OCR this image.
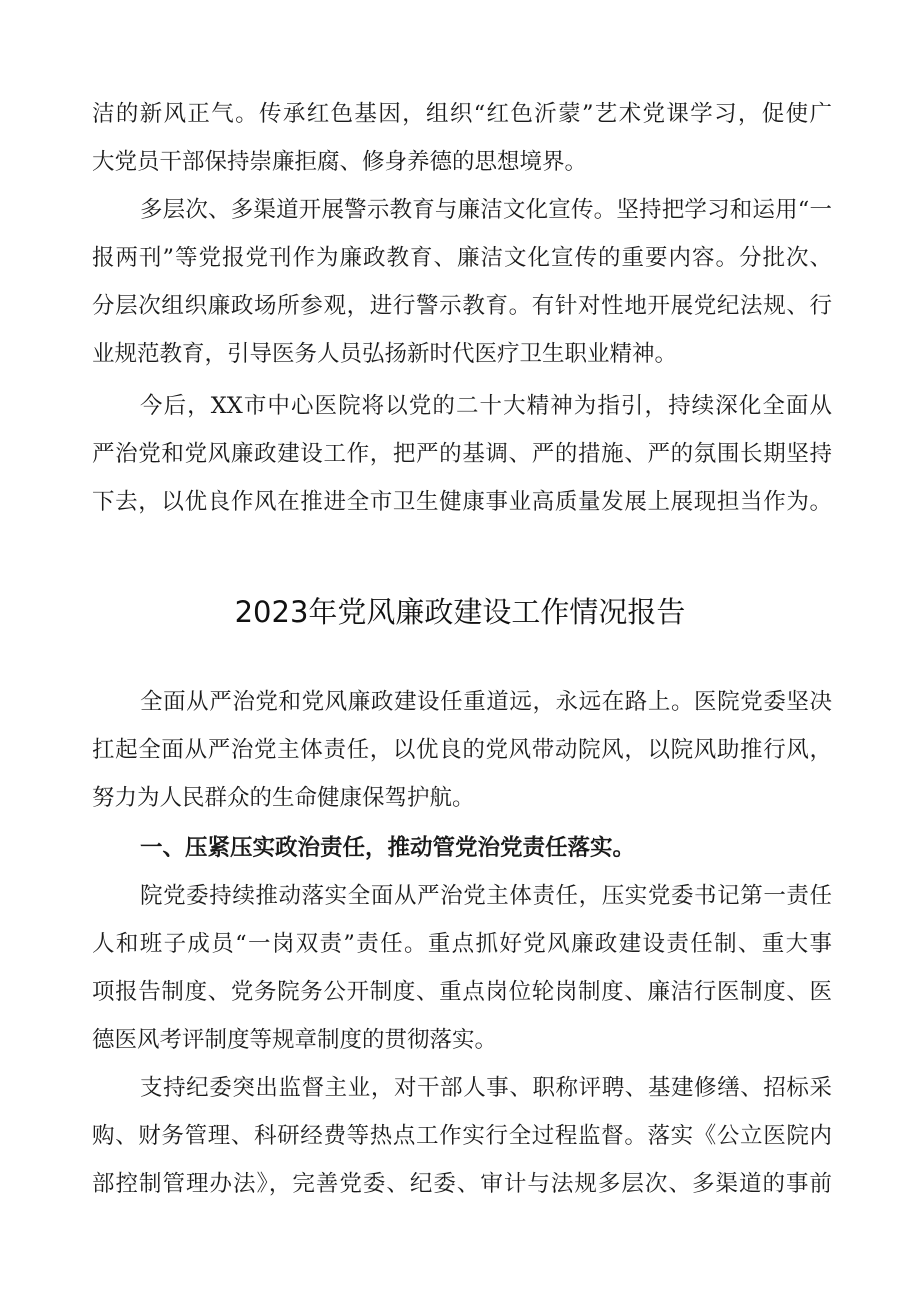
洁的新风正气。传承红色基因，组织“红色沂蒙”艺术党课学习，促使广
大党员干部保持崇廉拒腐、修身养德的思想境界。
多层次、多渠道开展警示教育与廉洁文化宣传。坚持把学习和运用“一
报两刊”等党报党刊作为廉政教育、廉洁文化宣传的重要内容。分批次、
分层次组织廉政场所参观，进行警示教育。有针对性地开展党纪法规、行
业规范教育，引导医务人员弘扬新时代医疗卫生职业精神。
今后，XX市中心医院将以党的二十大精神为指引，持续深化全面从
严治党和党风廉政建设工作，把严的基调、严的措施、严的氛围长期坚持
下去，以优良作风在推进全市卫生健康事业高质量发展上展现担当作为。
2023年党风廉政建设工作情况报告
全面从严治党和党风廉政建设任重道远，永远在路上。医院党委坚决
扛起全面从严治党主体责任，以优良的党风带动院风，以院风助推行风，
努力为人民群众的生命健康保驾护航。
一、压紧压实政治责任，推动管党治党责任落实。
院党委持续推动落实全面从严治党主体责任，压实党委书记第一责任
人和班子成员“一岗双责”责任。重点抓好党风廉政建设责任制、重大事
项报告制度、党务院务公开制度、重点岗位轮岗制度、廉洁行医制度、医
德医风考评制度等规章制度的贯彻落实。
支持纪委突出监督主业，对干部人事、职称评聘、基建修缮、招标采
购、财务管理、科研经费等热点工作实行全过程监督。落实《公立医院内
部控制管理办法》，完善党委、纪委、审计与法规多层次、多渠道的事前
